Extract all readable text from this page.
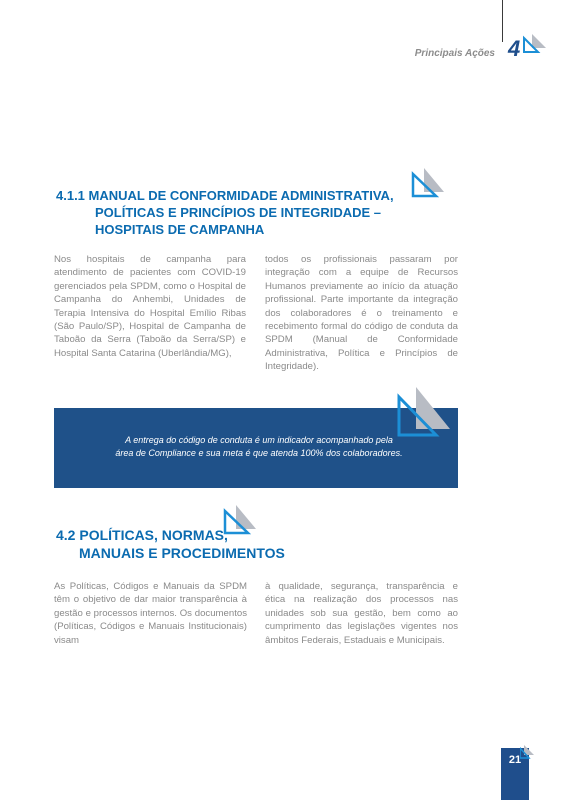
Principais Ações 4
4.1.1 MANUAL DE CONFORMIDADE ADMINISTRATIVA,
POLÍTICAS E PRINCÍPIOS DE INTEGRIDADE –
HOSPITAIS DE CAMPANHA
Nos hospitais de campanha para atendimento de pacientes com COVID-19 gerenciados pela SPDM, como o Hospital de Campanha do Anhembi, Unidades de Terapia Intensiva do Hospital Emílio Ribas (São Paulo/SP), Hospital de Campanha de Taboão da Serra (Taboão da Serra/SP) e Hospital Santa Catarina (Uberlândia/MG),
todos os profissionais passaram por integração com a equipe de Recursos Humanos previamente ao início da atuação profissional. Parte importante da integração dos colaboradores é o treinamento e recebimento formal do código de conduta da SPDM (Manual de Conformidade Administrativa, Política e Princípios de Integridade).
A entrega do código de conduta é um indicador acompanhado pela
área de Compliance e sua meta é que atenda 100% dos colaboradores.
4.2 POLÍTICAS, NORMAS,
MANUAIS E PROCEDIMENTOS
As Políticas, Códigos e Manuais da SPDM têm o objetivo de dar maior transparência à gestão e processos internos. Os documentos (Políticas, Códigos e Manuais Institucionais) visam
à qualidade, segurança, transparência e ética na realização dos processos nas unidades sob sua gestão, bem como ao cumprimento das legislações vigentes nos âmbitos Federais, Estaduais e Municipais.
21
